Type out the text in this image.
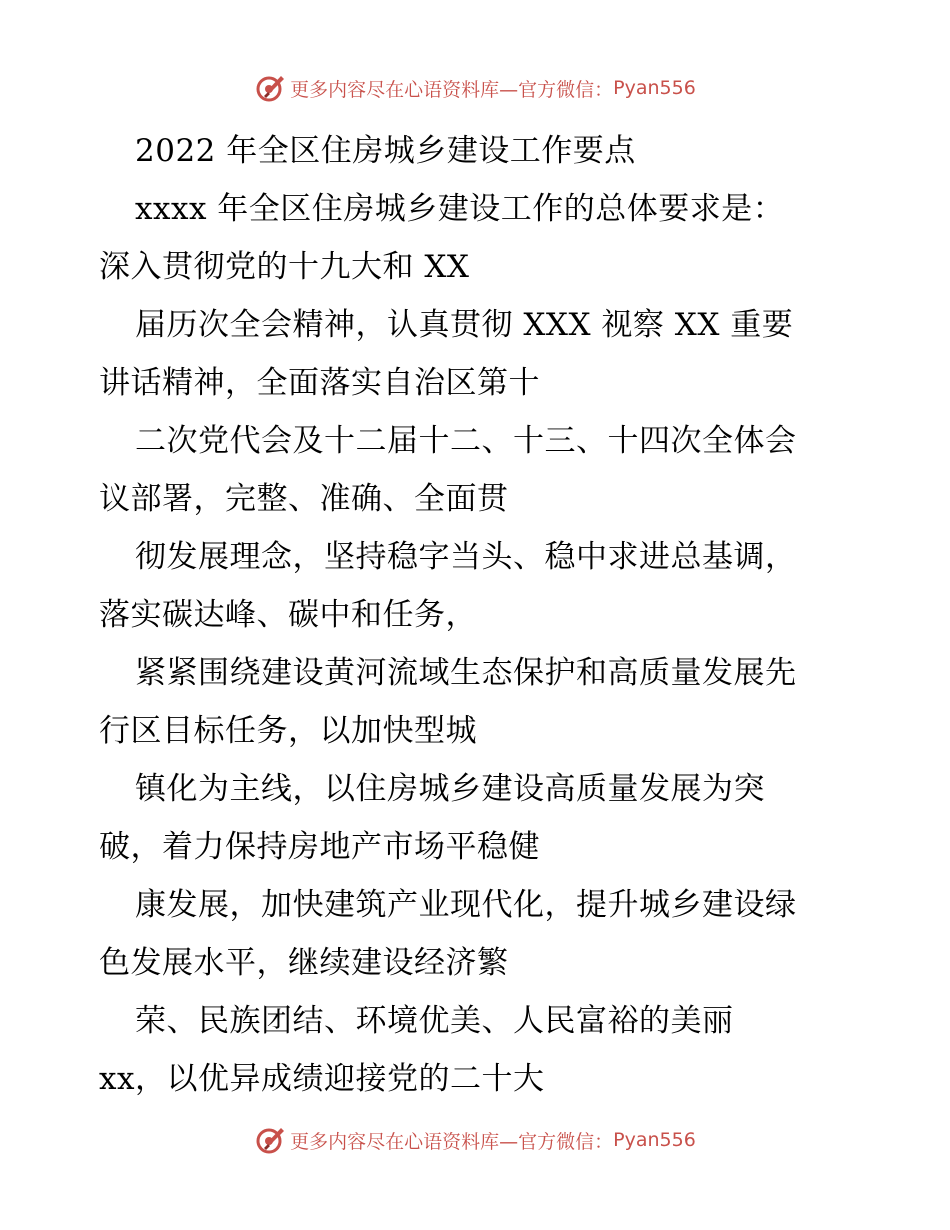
更多内容尽在心语资料库—官方微信： Pyan556
2022 年全区住房城乡建设工作要点
xxxx 年全区住房城乡建设工作的总体要求是：
深入贯彻党的十九大和 XX
届历次全会精神，认真贯彻 XXX 视察 XX 重要
讲话精神，全面落实自治区第十
二次党代会及十二届十二、十三、十四次全体会
议部署，完整、准确、全面贯
彻发展理念，坚持稳字当头、稳中求进总基调，
落实碳达峰、碳中和任务，
紧紧围绕建设黄河流域生态保护和高质量发展先
行区目标任务，以加快型城
镇化为主线，以住房城乡建设高质量发展为突
破，着力保持房地产市场平稳健
康发展，加快建筑产业现代化，提升城乡建设绿
色发展水平，继续建设经济繁
荣、民族团结、环境优美、人民富裕的美丽
xx，以优异成绩迎接党的二十大
更多内容尽在心语资料库—官方微信： Pyan556
